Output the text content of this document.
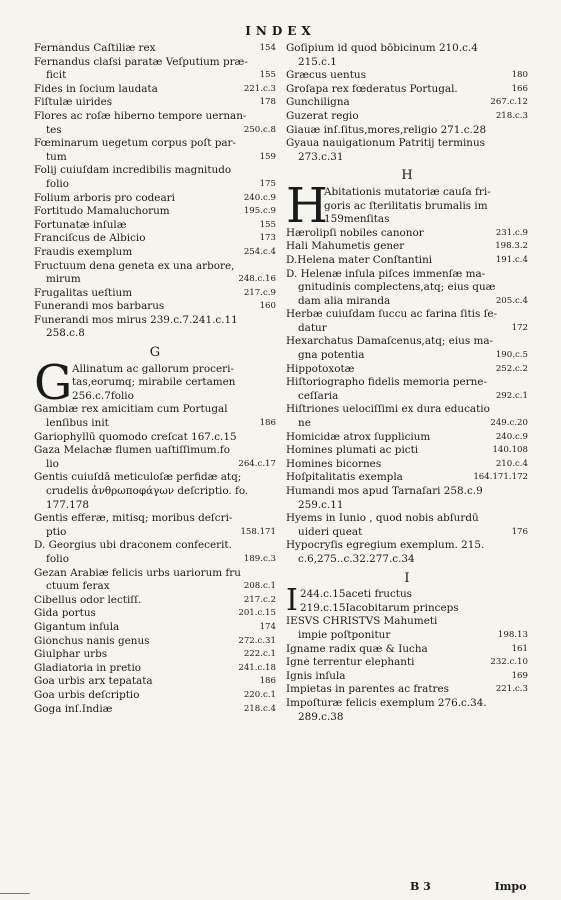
INDEX
154
Fernandus Caſtiliæ rex
Fernandus claſsi paratæ Veſputium præ-
155
ficit
221.c.3
Fides in ſocium laudata
178
Fiſtulæ uirides
Flores ac roſæ hiberno tempore uernan-
250.c.8
tes
Fœminarum uegetum corpus poſt par-
159
tum
Folij cuiuſdam incredibilis magnitudo
175
folio
240.c.9
Folium arboris pro codeari
195.c.9
Fortitudo Mamaluchorum
155
Fortunatæ inſulæ
173
Franciſcus de Albicio
254.c.4
Fraudis exemplum
Fructuum dena geneta ex una arbore,
248.c.16
mirum
217.c.9
Frugalitas ueſtium
160
Funerandi mos barbarus
Funerandi mos mirus 239.c.7.241.c.11
258.c.8
G
G Allinatum ac gallorum proceri-
tas,eorumq; mirabile certamen
256.c.7folio
Gambiæ rex amicitiam cum Portugal
186
lenſibus init
Gariophyllū quomodo creſcat 167.c.15
Gaza Melachæ flumen uaſtiſſimum.fo
264.c.17
lio
Gentis cuiuſdā meticuloſæ perfidæ atq;
crudelis ἀνθρωποφάγων deſcriptio. fo.
177.178
Gentis efferæ, mitisq; moribus deſcri-
158.171
ptio
D. Georgius ubi draconem confecerit.
189.c.3
folio
Gezan Arabiæ felicis urbs uariorum fru
208.c.1
ctuum ferax
217.c.2
Cibellus odor lectiſſ.
201.c.15
Gida portus
174
Gigantum inſula
272.c.31
Gionchus nanis genus
222.c.1
Giulphar urbs
241.c.18
Gladiatoria in pretio
186
Goa urbis arx tepatata
220.c.1
Goa urbis deſcriptio
218.c.4
Goga inſ.Indiæ
Goſipium id quod bōbicinum 210.c.4
215.c.1
180
Græcus uentus
166
Groſapa rex fœderatus Portugal.
267.c.12
Gunchiligna
218.c.3
Guzerat regio
Giauæ inſ.ſitus,mores,religio 271.c.28
Gyaua nauigationum Patritij terminus
273.c.31
H
H
Abitationis mutatoriæ cauſa fri-
goris ac ſterilitatis brumalis im
159menſitas
231.c.9
Hærolipſi nobiles canonor
198.3.2
Hali Mahumetis gener
191.c.4
D.Helena mater Conſtantini
D. Helenæ inſula piſces immenſæ ma-
gnitudinis complectens,atq; eius quæ
205.c.4
dam alia miranda
Herbæ cuiuſdam ſuccu ac farina ſitis ſe-
172
datur
Hexarchatus Damaſcenus,atq; eius ma-
190.c.5
gna potentia
252.c.2
Hippotoxotæ
Hiſtoriographo fidelis memoria perne-
292.c.1
ceſſaria
Hiſtriones uelociſſimi ex dura educatio
249.c.20
ne
240.c.9
Homicidæ atrox ſupplicium
140.108
Homines plumati ac picti
210.c.4
Homines bicornes
164.171.172
Hoſpitalitatis exempla
Humandi mos apud Tarnaſari 258.c.9
259.c.11
Hyems in Iunio , quod nobis abſurdū
176
uideri queat
Hypocryſis egregium exemplum. 215.
c.6,275..c.32.277.c.34
I
I 244.c.15aceti fructus
219.c.15Iacobitarum princeps
IESVS CHRISTVS Mahumeti
198.13
impie poſtponitur
161
Igname radix quæ & Iucha
232.c.10
Igne terrentur elephanti
169
Ignis inſula
221.c.3
Impietas in parentes ac fratres
Impoſturæ felicis exemplum 276.c.34.
289.c.38
B 3	Impo
